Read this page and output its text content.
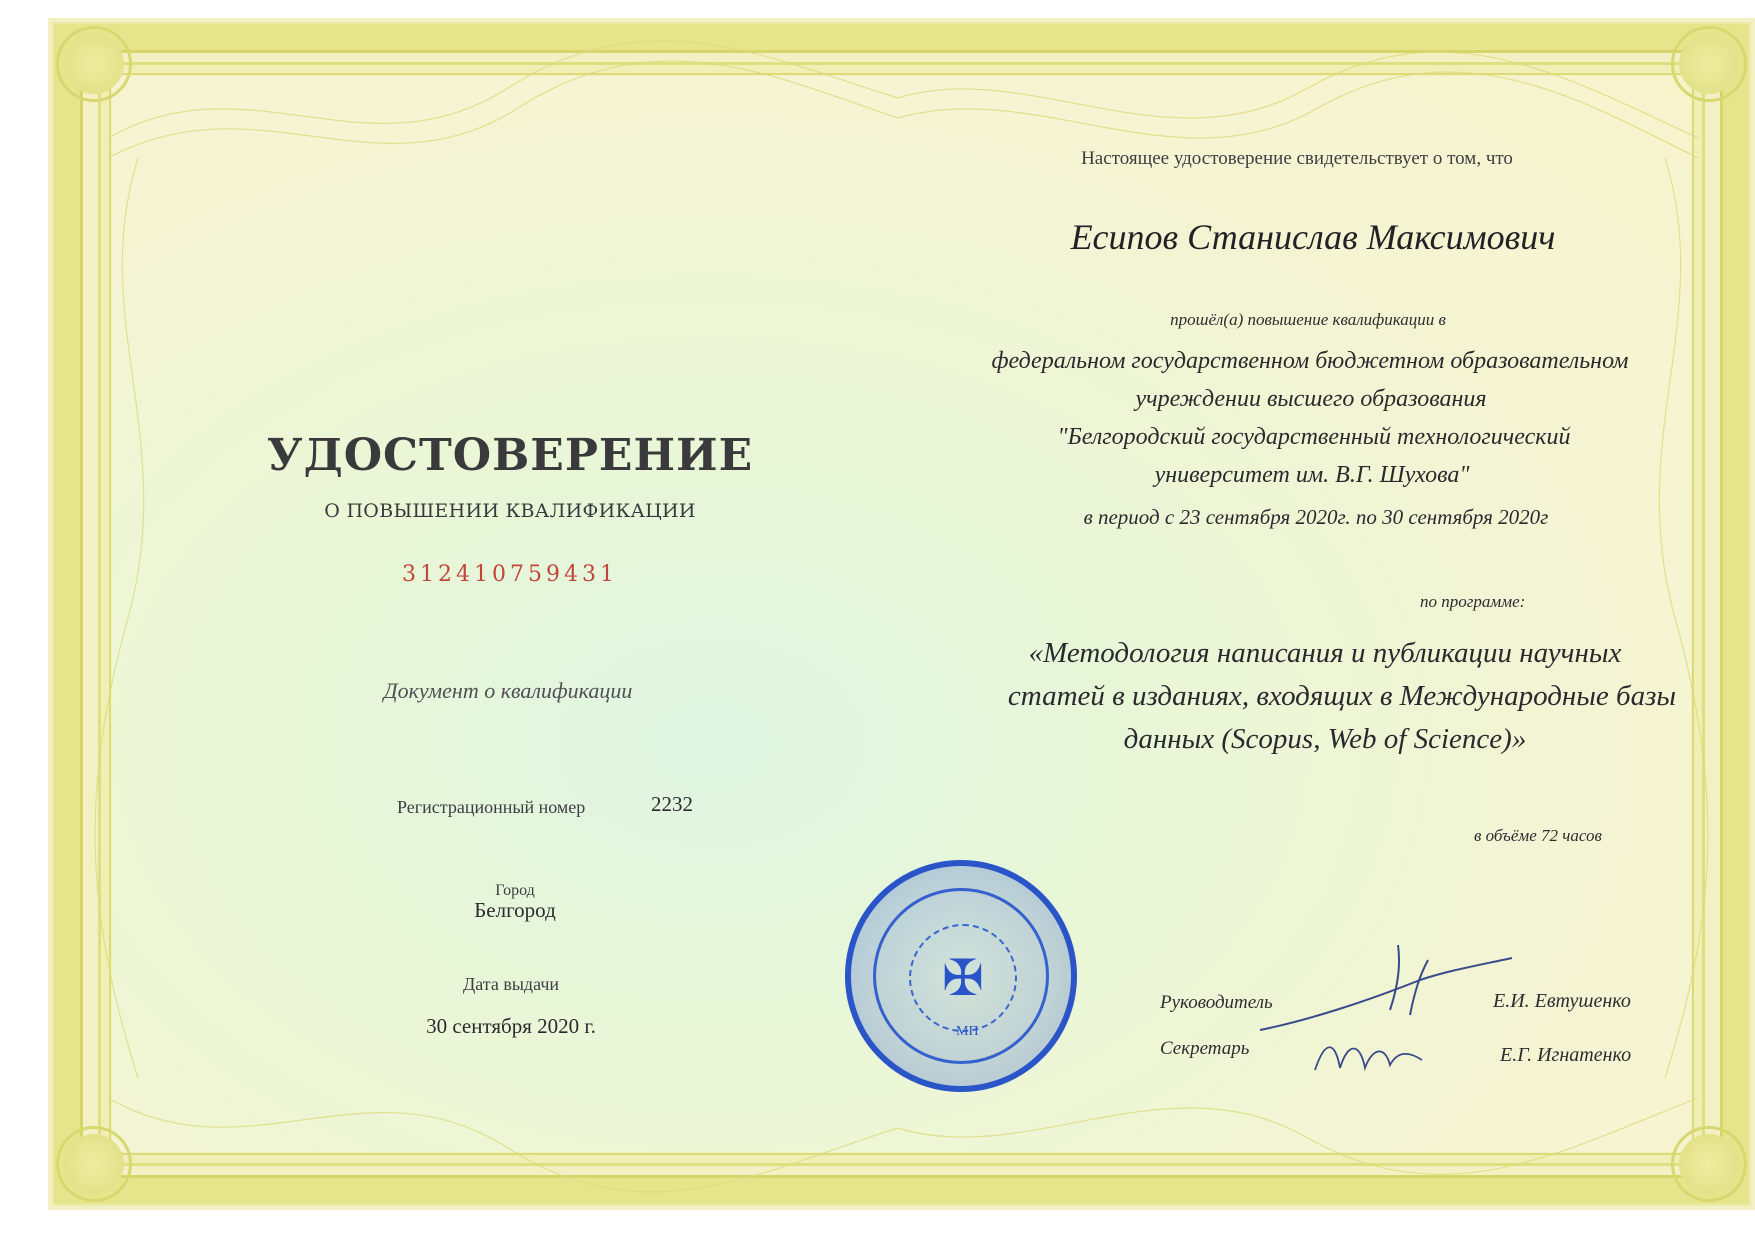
УДОСТОВЕРЕНИЕ
О ПОВЫШЕНИИ КВАЛИФИКАЦИИ
312410759431
Документ о квалификации
Регистрационный номер	2232
Город
Белгород
Дата выдачи
30 сентября 2020 г.
Настоящее удостоверение свидетельствует о том, что
Есипов Станислав Максимович
прошёл(а) повышение квалификации в
федеральном государственном бюджетном образовательном
учреждении высшего образования
"Белгородский государственный технологический
университет им. В.Г. Шухова"
в период с 23 сентября 2020г. по 30 сентября 2020г
по программе:
«Методология написания и публикации научных
статей в изданиях, входящих в Международные базы
данных (Scopus, Web of Science)»
в объёме 72 часов
✠
МП
Руководитель	Е.И. Евтушенко
Секретарь	Е.Г. Игнатенко
